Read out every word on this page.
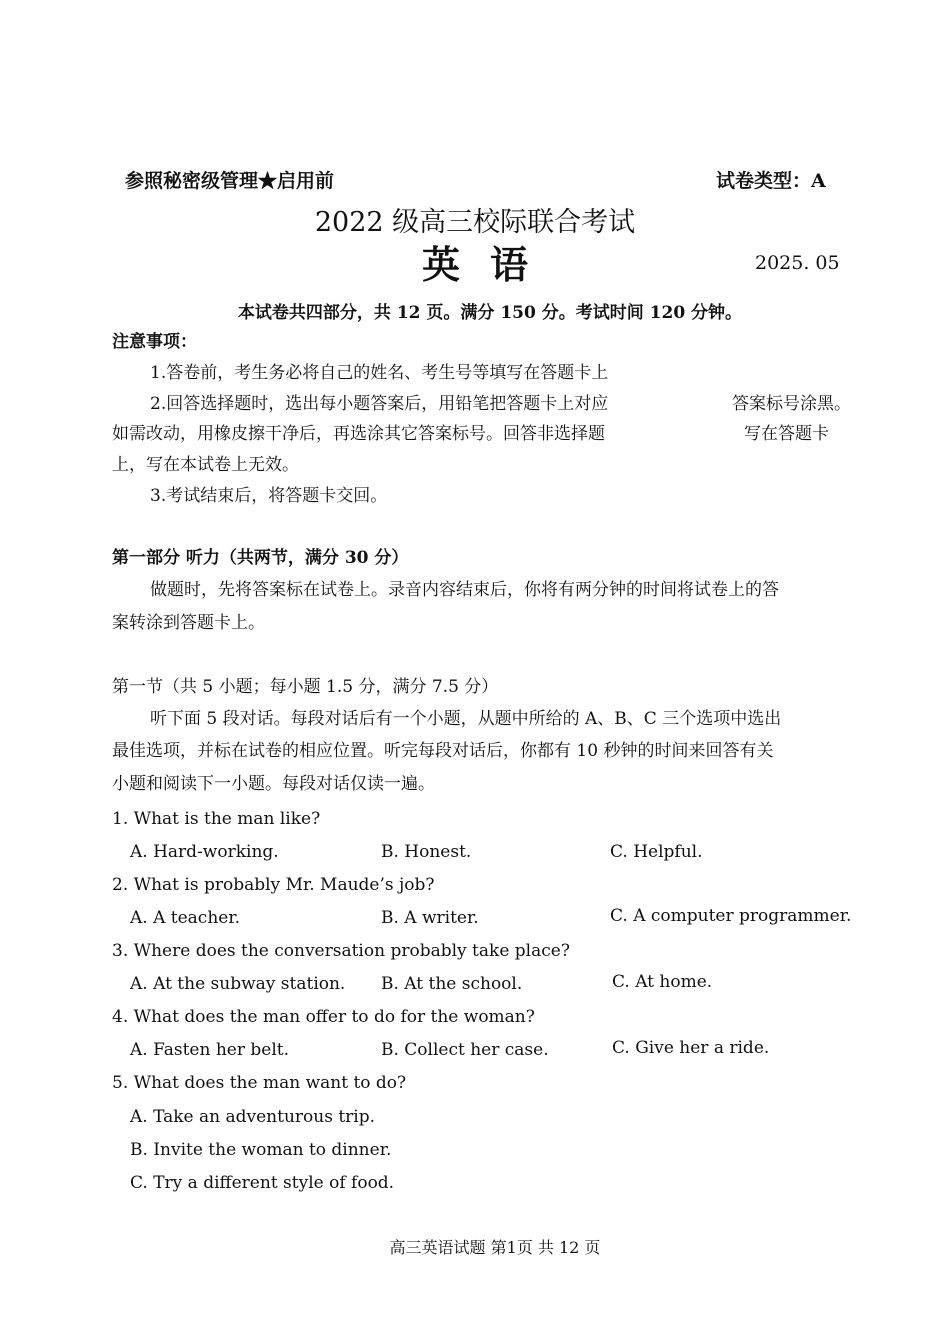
参照秘密级管理★启用前	试卷类型：A
2022 级高三校际联合考试
英语	2025. 05
本试卷共四部分，共 12 页。满分 150 分。考试时间 120 分钟。
注意事项：
1.答卷前，考生务必将自己的姓名、考生号等填写在答题卡上
2.回答选择题时，选出每小题答案后，用铅笔把答题卡上对应	答案标号涂黑。
如需改动，用橡皮擦干净后，再选涂其它答案标号。回答非选择题	写在答题卡
上，写在本试卷上无效。
3.考试结束后，将答题卡交回。
第一部分 听力（共两节，满分 30 分）
做题时，先将答案标在试卷上。录音内容结束后，你将有两分钟的时间将试卷上的答
案转涂到答题卡上。
第一节（共 5 小题；每小题 1.5 分，满分 7.5 分）
听下面 5 段对话。每段对话后有一个小题，从题中所给的 A、B、C 三个选项中选出
最佳选项，并标在试卷的相应位置。听完每段对话后，你都有 10 秒钟的时间来回答有关
小题和阅读下一小题。每段对话仅读一遍。
1. What is the man like?
A. Hard-working.	B. Honest.	C. Helpful.
2. What is probably Mr. Maude’s job?
A. A teacher.	B. A writer.	C. A computer programmer.
3. Where does the conversation probably take place?
A. At the subway station. B. At the school.	C. At home.
4. What does the man offer to do for the woman?
A. Fasten her belt.	B. Collect her case.	C. Give her a ride.
5. What does the man want to do?
A. Take an adventurous trip.
B. Invite the woman to dinner.
C. Try a different style of food.
高三英语试题 第1页 共 12 页
